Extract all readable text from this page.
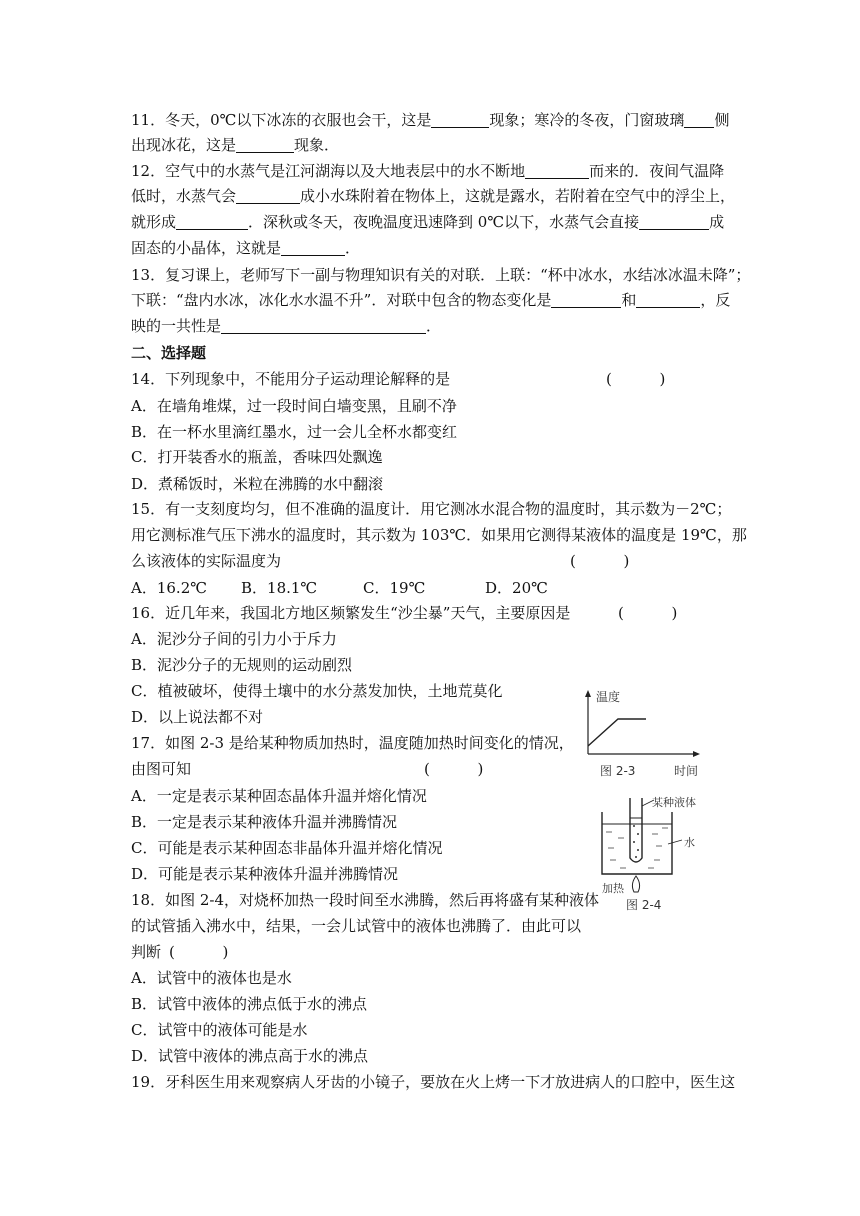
11．冬天，0℃以下冰冻的衣服也会干，这是	现象；寒冷的冬夜，门窗玻璃 侧
出现冰花，这是	现象．
12．空气中的水蒸气是江河湖海以及大地表层中的水不断地	而来的．夜间气温降
低时，水蒸气会	成小水珠附着在物体上，这就是露水，若附着在空气中的浮尘上，
就形成	．深秋或冬天，夜晚温度迅速降到 0℃以下，水蒸气会直接	成
固态的小晶体，这就是	．
13．复习课上，老师写下一副与物理知识有关的对联．上联：“杯中冰水，水结冰冰温未降”；
下联：“盘内水冰，冰化水水温不升”．对联中包含的物态变化是	和	，反
映的一共性是	．
二、选择题
14．下列现象中，不能用分子运动理论解释的是	(          )
A．在墙角堆煤，过一段时间白墙变黑，且刷不净
B．在一杯水里滴红墨水，过一会儿全杯水都变红
C．打开装香水的瓶盖，香味四处飘逸
D．煮稀饭时，米粒在沸腾的水中翻滚
15．有一支刻度均匀，但不准确的温度计．用它测冰水混合物的温度时，其示数为－2℃；
用它测标准气压下沸水的温度时，其示数为 103℃．如果用它测得某液体的温度是 19℃，那
么该液体的实际温度为	(          )
A．16.2℃ B．18.1℃	C．19℃	D．20℃
16．近几年来，我国北方地区频繁发生“沙尘暴”天气，主要原因是	(          )
A．泥沙分子间的引力小于斥力
B．泥沙分子的无规则的运动剧烈
C．植被破坏，使得土壤中的水分蒸发加快，土地荒莫化
D．以上说法都不对
17．如图 2-3 是给某种物质加热时，温度随加热时间变化的情况，
由图可知	(          )
A．一定是表示某种固态晶体升温并熔化情况
B．一定是表示某种液体升温并沸腾情况
C．可能是表示某种固态非晶体升温并熔化情况
D．可能是表示某种液体升温并沸腾情况
18．如图 2-4，对烧杯加热一段时间至水沸腾，然后再将盛有某种液体
的试管插入沸水中，结果，一会儿试管中的液体也沸腾了．由此可以
判断 (          )
A．试管中的液体也是水
B．试管中液体的沸点低于水的沸点
C．试管中的液体可能是水
D．试管中液体的沸点高于水的沸点
19．牙科医生用来观察病人牙齿的小镜子，要放在火上烤一下才放进病人的口腔中，医生这
温度
图 2-3	时间
某种液体
水
加热
图 2-4
